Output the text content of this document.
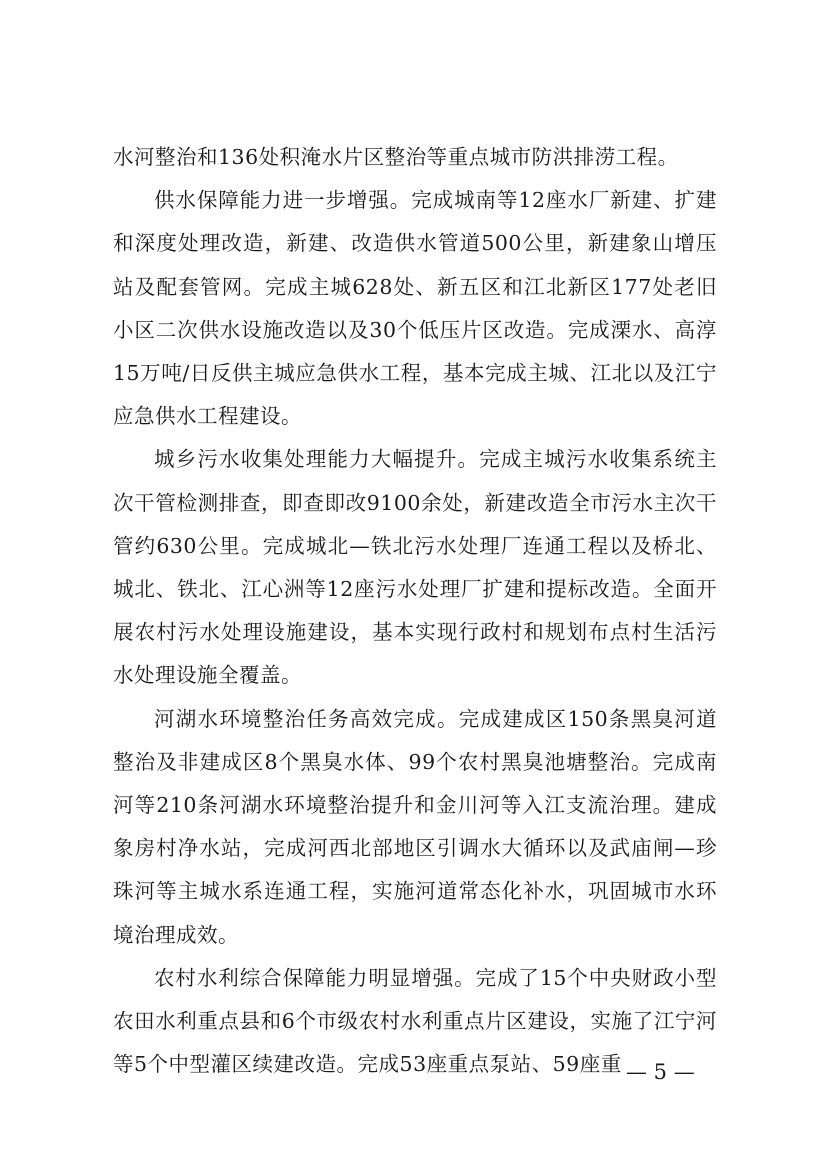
水河整治和136处积淹水片区整治等重点城市防洪排涝工程。

供水保障能力进一步增强。完成城南等12座水厂新建、扩建和深度处理改造，新建、改造供水管道500公里，新建象山增压站及配套管网。完成主城628处、新五区和江北新区177处老旧小区二次供水设施改造以及30个低压片区改造。完成溧水、高淳15万吨/日反供主城应急供水工程，基本完成主城、江北以及江宁应急供水工程建设。

城乡污水收集处理能力大幅提升。完成主城污水收集系统主次干管检测排查，即查即改9100余处，新建改造全市污水主次干管约630公里。完成城北—铁北污水处理厂连通工程以及桥北、城北、铁北、江心洲等12座污水处理厂扩建和提标改造。全面开展农村污水处理设施建设，基本实现行政村和规划布点村生活污水处理设施全覆盖。

河湖水环境整治任务高效完成。完成建成区150条黑臭河道整治及非建成区8个黑臭水体、99个农村黑臭池塘整治。完成南河等210条河湖水环境整治提升和金川河等入江支流治理。建成象房村净水站，完成河西北部地区引调水大循环以及武庙闸—珍珠河等主城水系连通工程，实施河道常态化补水，巩固城市水环境治理成效。

农村水利综合保障能力明显增强。完成了15个中央财政小型农田水利重点县和6个市级农村水利重点片区建设，实施了江宁河等5个中型灌区续建改造。完成53座重点泵站、59座重 — 5 —
